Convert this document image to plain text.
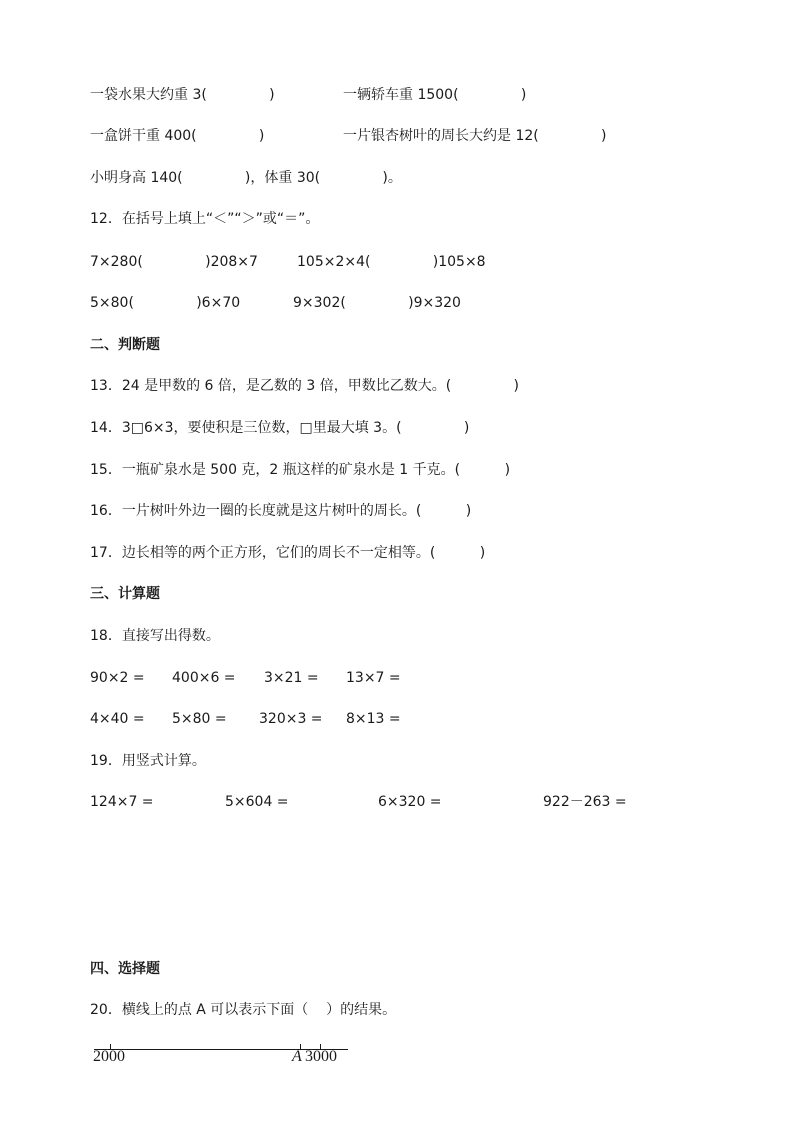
一袋水果大约重 3(              )	一辆轿车重 1500(              )
一盒饼干重 400(              )	一片银杏树叶的周长大约是 12(              )
小明身高 140(              )，体重 30(              )。
12．在括号上填上“＜”“＞”或“＝”。
7×280(              )208×7	105×2×4(              )105×8
5×80(              )6×70	9×302(              )9×320
二、判断题
13．24 是甲数的 6 倍，是乙数的 3 倍，甲数比乙数大。(              )
14．3□6×3，要使积是三位数，□里最大填 3。(              )
15．一瓶矿泉水是 500 克，2 瓶这样的矿泉水是 1 千克。(          )
16．一片树叶外边一圈的长度就是这片树叶的周长。(          )
17．边长相等的两个正方形，它们的周长不一定相等。(          )
三、计算题
18．直接写出得数。
90×2 = 400×6 = 3×21 = 13×7 =
4×40 = 5×80 = 320×3 = 8×13 =
19．用竖式计算。
124×7 =	5×604 =	6×320 =	922－263 =
四、选择题
20．横线上的点 A 可以表示下面（    ）的结果。
2000	A 3000
